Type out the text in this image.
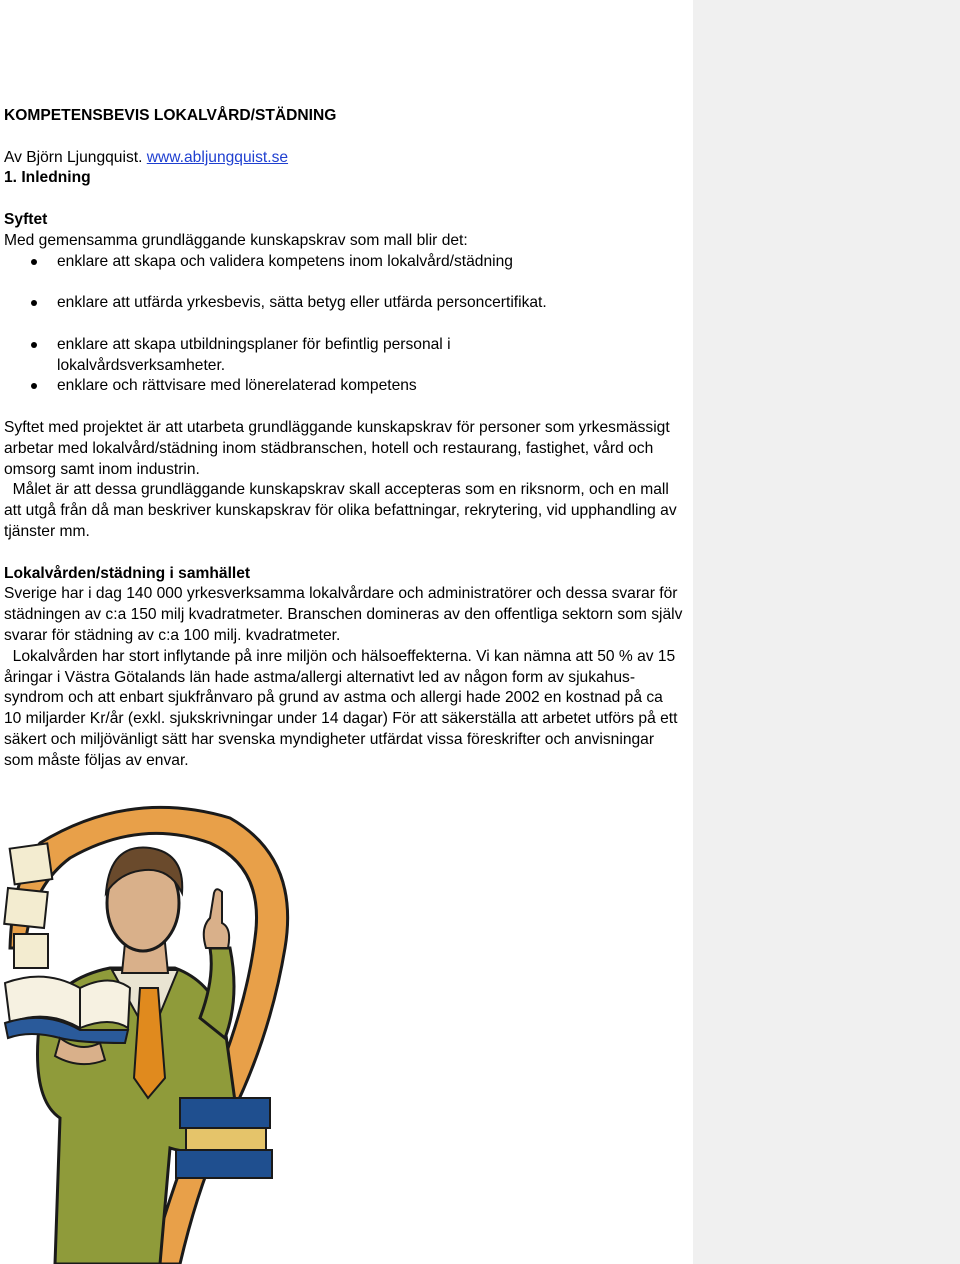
KOMPETENSBEVIS LOKALVÅRD/STÄDNING

Av Björn Ljungquist. www.abljungquist.se

1. Inledning

Syftet

Med gemensamma grundläggande kunskapskrav som mall blir det:

enklare att skapa och validera kompetens inom lokalvård/städning
enklare att utfärda yrkesbevis, sätta betyg eller utfärda personcertifikat.
enklare att skapa utbildningsplaner för befintlig personal i lokalvårdsverksamheter.
enklare och rättvisare med lönerelaterad kompetens

Syftet med projektet är att utarbeta grundläggande kunskapskrav för personer som yrkesmässigt arbetar med lokalvård/städning inom städbranschen, hotell och restaurang, fastighet, vård och omsorg samt inom industrin.

Målet är att dessa grundläggande kunskapskrav skall accepteras som en riksnorm, och en mall att utgå från då man beskriver kunskapskrav för olika befattningar, rekrytering, vid upphandling av tjänster mm.

Lokalvården/städning i samhället

Sverige har i dag 140 000 yrkesverksamma lokalvårdare och administratörer och dessa svarar för städningen av c:a 150 milj kvadratmeter. Branschen domineras av den offentliga sektorn som själv svarar för städning av c:a 100 milj. kvadratmeter.

Lokalvården har stort inflytande på inre miljön och hälsoeffekterna. Vi kan nämna att 50 % av 15 åringar i Västra Götalands län hade astma/allergi alternativt led av någon form av sjukahus-syndrom och att enbart sjukfrånvaro på grund av astma och allergi hade 2002 en kostnad på ca 10 miljarder Kr/år (exkl. sjukskrivningar under 14 dagar) För att säkerställa att arbetet utförs på ett säkert och miljövänligt sätt har svenska myndigheter utfärdat vissa föreskrifter och anvisningar som måste följas av envar.
